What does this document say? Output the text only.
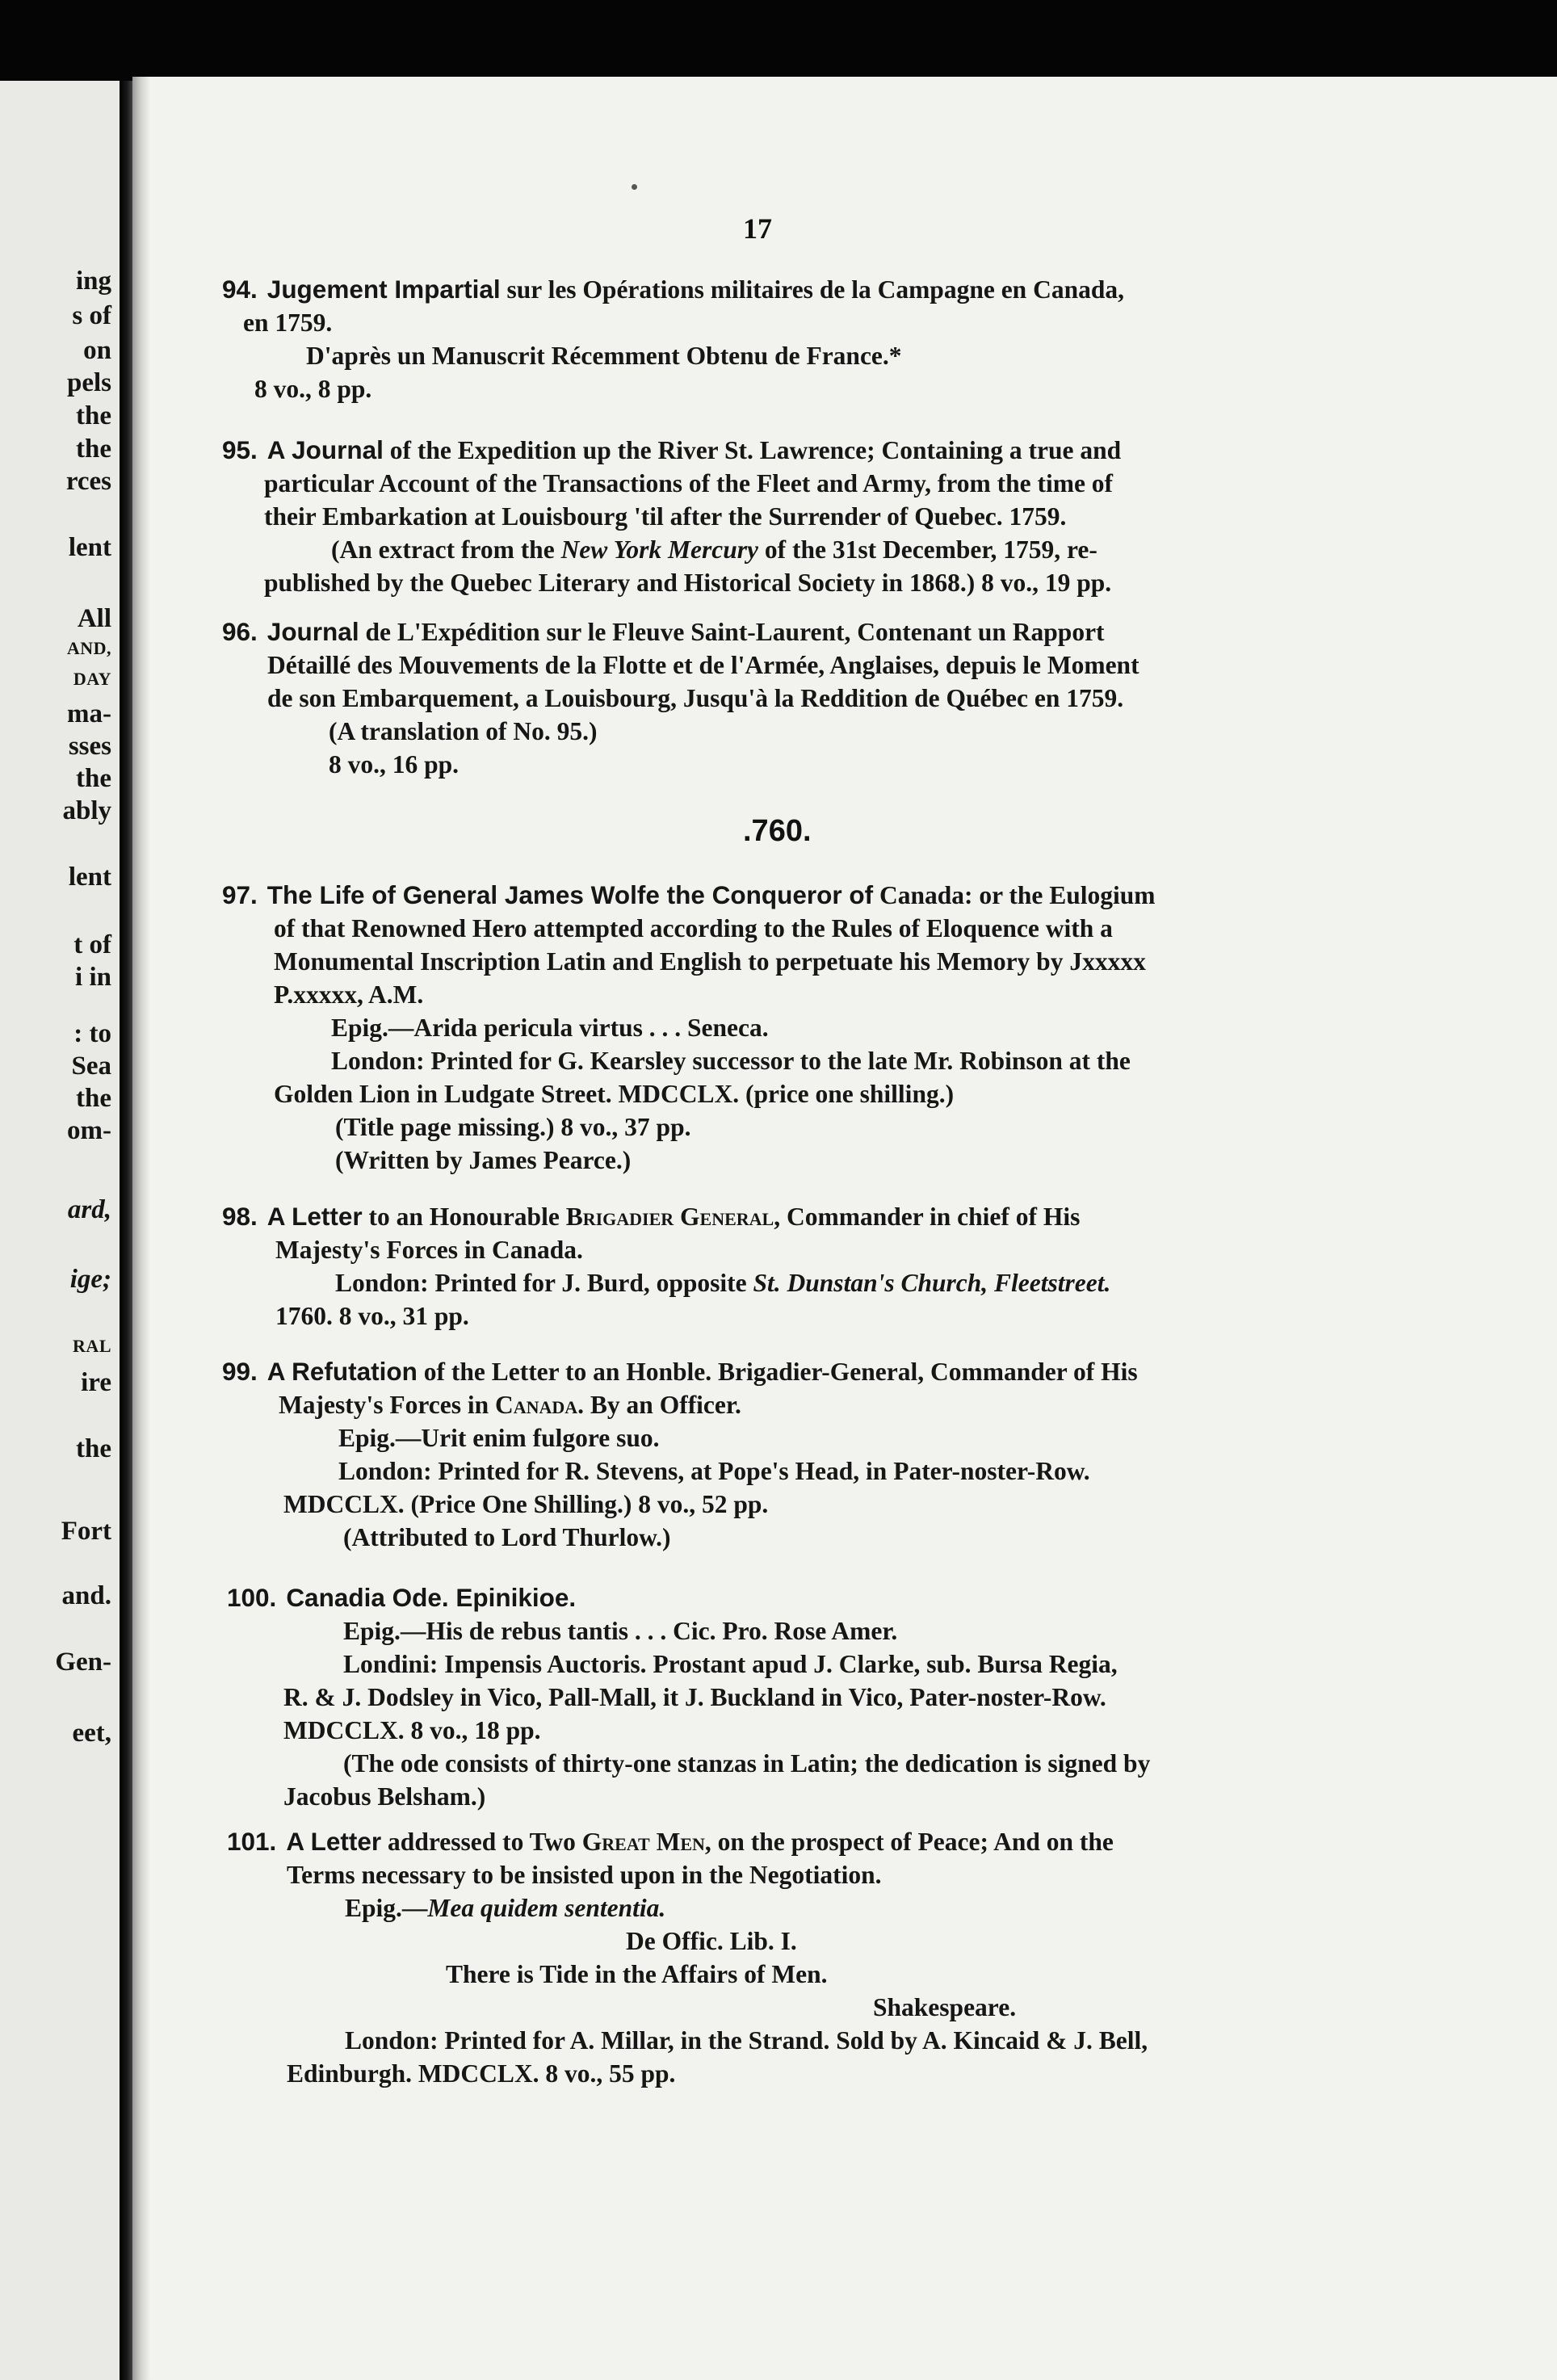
ing
s of
on
pels
the
the
rces
lent
All
AND,
DAY
ma-
sses
the
ably
lent
t of
i in
: to
Sea
the
om-
ard,
ige;
RAL
ire
the
Fort
and.
Gen-
eet,
17
94. Jugement Impartial sur les Opérations militaires de la Campagne en Canada,
en 1759.
D'après un Manuscrit Récemment Obtenu de France.*
8 vo., 8 pp.
95. A Journal of the Expedition up the River St. Lawrence; Containing a true and
particular Account of the Transactions of the Fleet and Army, from the time of
their Embarkation at Louisbourg 'til after the Surrender of Quebec. 1759.
(An extract from the New York Mercury of the 31st December, 1759, re-
published by the Quebec Literary and Historical Society in 1868.) 8 vo., 19 pp.
96. Journal de L'Expédition sur le Fleuve Saint-Laurent, Contenant un Rapport
Détaillé des Mouvements de la Flotte et de l'Armée, Anglaises, depuis le Moment
de son Embarquement, a Louisbourg, Jusqu'à la Reddition de Québec en 1759.
(A translation of No. 95.)
8 vo., 16 pp.
.760.
97. The Life of General James Wolfe the Conqueror of Canada: or the Eulogium
of that Renowned Hero attempted according to the Rules of Eloquence with a
Monumental Inscription Latin and English to perpetuate his Memory by Jxxxxx
P.xxxxx, A.M.
Epig.—Arida pericula virtus . . . Seneca.
London: Printed for G. Kearsley successor to the late Mr. Robinson at the
Golden Lion in Ludgate Street. MDCCLX. (price one shilling.)
(Title page missing.) 8 vo., 37 pp.
(Written by James Pearce.)
98. A Letter to an Honourable Brigadier General, Commander in chief of His
Majesty's Forces in Canada.
London: Printed for J. Burd, opposite St. Dunstan's Church, Fleetstreet.
1760. 8 vo., 31 pp.
99. A Refutation of the Letter to an Honble. Brigadier-General, Commander of His
Majesty's Forces in Canada. By an Officer.
Epig.—Urit enim fulgore suo.
London: Printed for R. Stevens, at Pope's Head, in Pater-noster-Row.
MDCCLX. (Price One Shilling.) 8 vo., 52 pp.
(Attributed to Lord Thurlow.)
100. Canadia Ode. Epinikioe.
Epig.—His de rebus tantis . . . Cic. Pro. Rose Amer.
Londini: Impensis Auctoris. Prostant apud J. Clarke, sub. Bursa Regia,
R. & J. Dodsley in Vico, Pall-Mall, it J. Buckland in Vico, Pater-noster-Row.
MDCCLX. 8 vo., 18 pp.
(The ode consists of thirty-one stanzas in Latin; the dedication is signed by
Jacobus Belsham.)
101. A Letter addressed to Two Great Men, on the prospect of Peace; And on the
Terms necessary to be insisted upon in the Negotiation.
Epig.—Mea quidem sententia.
De Offic. Lib. I.
There is Tide in the Affairs of Men.
Shakespeare.
London: Printed for A. Millar, in the Strand. Sold by A. Kincaid & J. Bell,
Edinburgh. MDCCLX. 8 vo., 55 pp.
